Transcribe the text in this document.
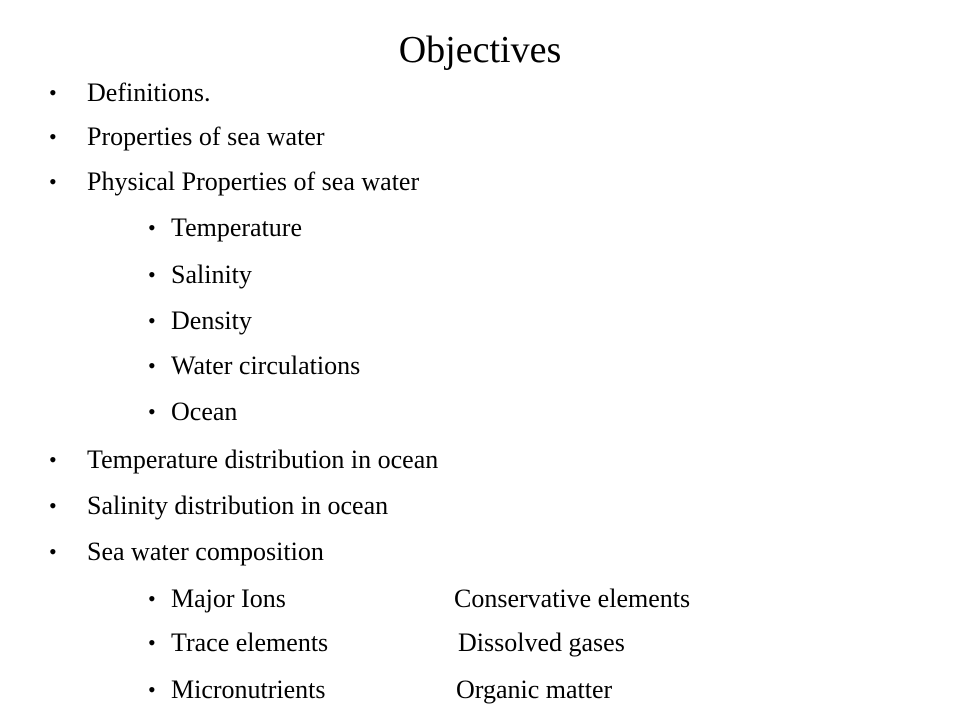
Objectives
• Definitions.
• Properties of sea water
• Physical Properties of sea water
• Temperature
• Salinity
• Density
• Water circulations
• Ocean
• Temperature distribution in ocean
• Salinity distribution in ocean
• Sea water composition
• Major Ions	Conservative elements
• Trace elements	Dissolved gases
• Micronutrients	Organic matter
